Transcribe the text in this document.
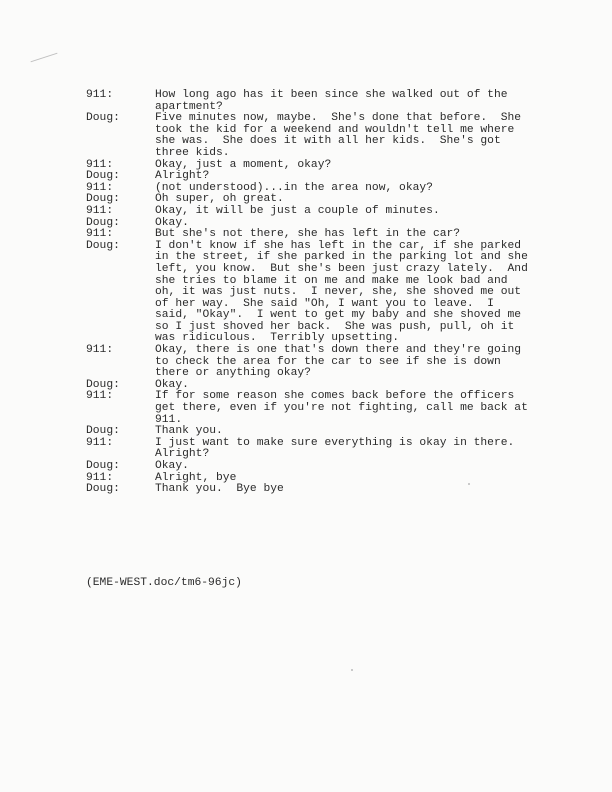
911:	How long ago has it been since she walked out of the
apartment?
Doug:	Five minutes now, maybe.  She's done that before.  She
took the kid for a weekend and wouldn't tell me where
she was.  She does it with all her kids.  She's got
three kids.
911:	Okay, just a moment, okay?
Doug:	Alright?
911:	(not understood)...in the area now, okay?
Doug:	Oh super, oh great.
911:	Okay, it will be just a couple of minutes.
Doug:	Okay.
911:	But she's not there, she has left in the car?
Doug:	I don't know if she has left in the car, if she parked
in the street, if she parked in the parking lot and she
left, you know.  But she's been just crazy lately.  And
she tries to blame it on me and make me look bad and
oh, it was just nuts.  I never, she, she shoved me out
of her way.  She said "Oh, I want you to leave.  I
said, "Okay".  I went to get my baby and she shoved me
so I just shoved her back.  She was push, pull, oh it
was ridiculous.  Terribly upsetting.
911:	Okay, there is one that's down there and they're going
to check the area for the car to see if she is down
there or anything okay?
Doug:	Okay.
911:	If for some reason she comes back before the officers
get there, even if you're not fighting, call me back at
911.
Doug:	Thank you.
911:	I just want to make sure everything is okay in there.
Alright?
Doug:	Okay.
911:	Alright, bye
Doug:	Thank you.  Bye bye
(EME-WEST.doc/tm6-96jc)
